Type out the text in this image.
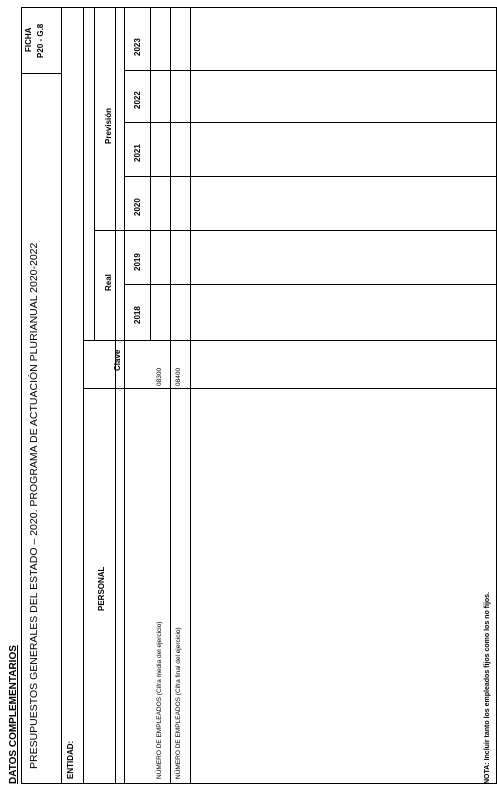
DATOS COMPLEMENTARIOS PRESUPUESTOS GENERALES DEL ESTADO – 2020. PROGRAMA DE ACTUACIÓN PLURIANUAL 2020-2022
FICHA P20 - G.8
ENTIDAD:
PERSONAL
Clave
Real
Previsión
2018
2019
2020
2021
2022
2023
NÚMERO DE EMPLEADOS (Cifra media del ejercicio)
08300
NÚMERO DE EMPLEADOS (Cifra final del ejercicio)
08400
NOTA: Incluir tanto los empleados fijos como los no fijos.
